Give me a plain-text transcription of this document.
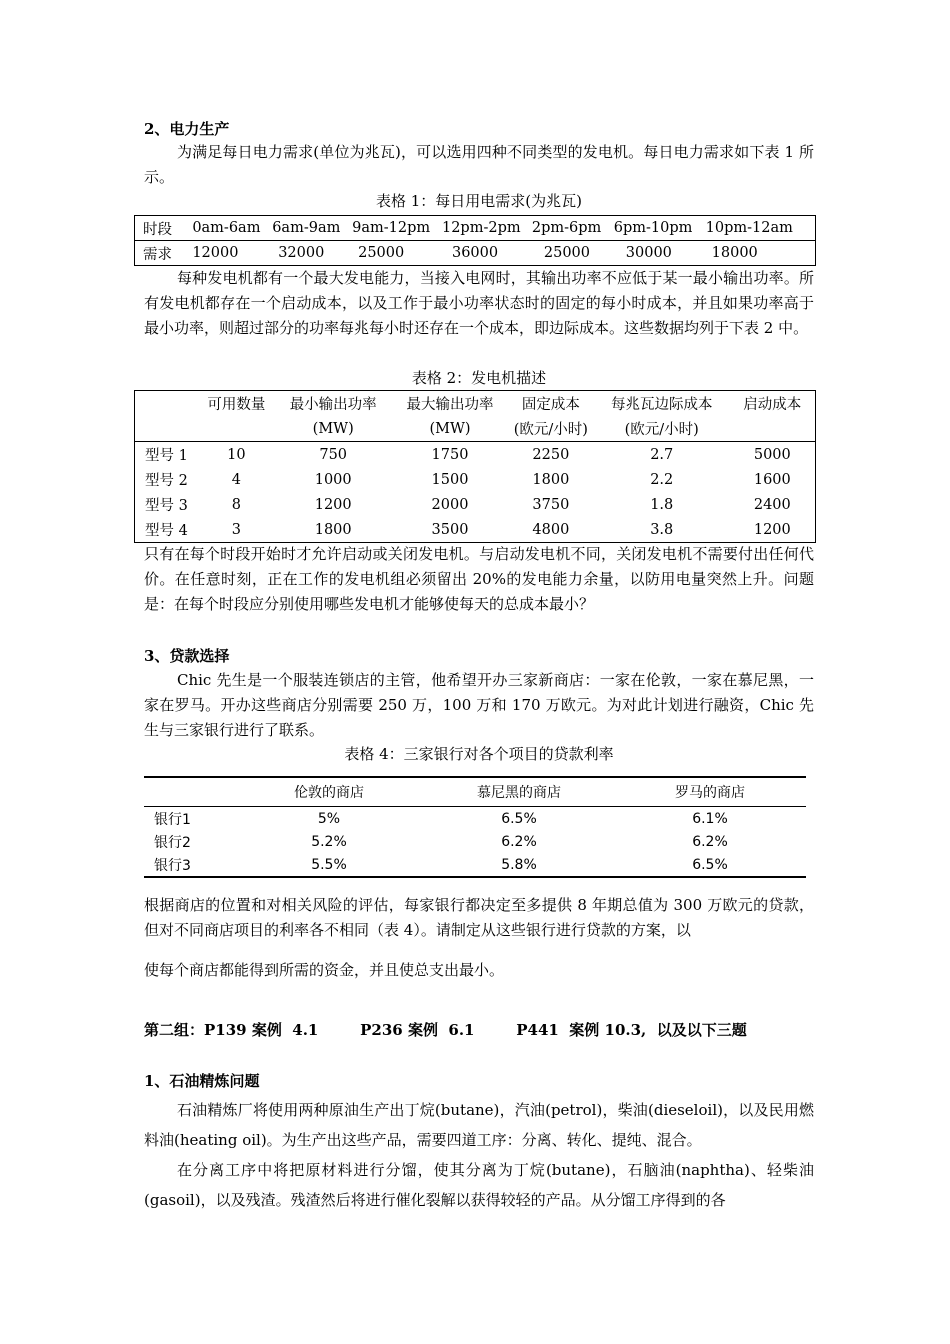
2、电力生产
为满足每日电力需求(单位为兆瓦)，可以选用四种不同类型的发电机。每日电力需求如下表 1 所示。
表格 1：每日用电需求(为兆瓦)
时段	0am-6am	6am-9am	9am-12pm	12pm-2pm	2pm-6pm	6pm-10pm	10pm-12am
需求	12000	32000	25000	36000	25000	30000	18000
每种发电机都有一个最大发电能力，当接入电网时，其输出功率不应低于某一最小输出功率。所有发电机都存在一个启动成本，以及工作于最小功率状态时的固定的每小时成本，并且如果功率高于最小功率，则超过部分的功率每兆每小时还存在一个成本，即边际成本。这些数据均列于下表 2 中。
表格 2：发电机描述
	可用数量	最小输出功率	最大输出功率	固定成本	每兆瓦边际成本	启动成本
		(MW)	(MW)	(欧元/小时)	(欧元/小时)	
型号 1	10	750	1750	2250	2.7	5000
型号 2	4	1000	1500	1800	2.2	1600
型号 3	8	1200	2000	3750	1.8	2400
型号 4	3	1800	3500	4800	3.8	1200
只有在每个时段开始时才允许启动或关闭发电机。与启动发电机不同，关闭发电机不需要付出任何代价。在任意时刻，正在工作的发电机组必须留出 20%的发电能力余量，以防用电量突然上升。问题是：在每个时段应分别使用哪些发电机才能够使每天的总成本最小？
3、贷款选择
Chic 先生是一个服装连锁店的主管，他希望开办三家新商店：一家在伦敦，一家在慕尼黑，一家在罗马。开办这些商店分别需要 250 万，100 万和 170 万欧元。为对此计划进行融资，Chic 先生与三家银行进行了联系。
表格 4：三家银行对各个项目的贷款利率
	伦敦的商店	慕尼黑的商店	罗马的商店
银行1	5%	6.5%	6.1%
银行2	5.2%	6.2%	6.2%
银行3	5.5%	5.8%	6.5%
根据商店的位置和对相关风险的评估，每家银行都决定至多提供 8 年期总值为 300 万欧元的贷款，但对不同商店项目的利率各不相同（表 4）。请制定从这些银行进行贷款的方案，以
使每个商店都能得到所需的资金，并且使总支出最小。
第二组：P139 案例  4.1        P236 案例  6.1        P441  案例 10.3,  以及以下三题
1、石油精炼问题
石油精炼厂将使用两种原油生产出丁烷(butane)，汽油(petrol)，柴油(dieseloil)，以及民用燃料油(heating oil)。为生产出这些产品，需要四道工序：分离、转化、提纯、混合。
在分离工序中将把原材料进行分馏，使其分离为丁烷(butane)，石脑油(naphtha)、轻柴油(gasoil)，以及残渣。残渣然后将进行催化裂解以获得较轻的产品。从分馏工序得到的各
